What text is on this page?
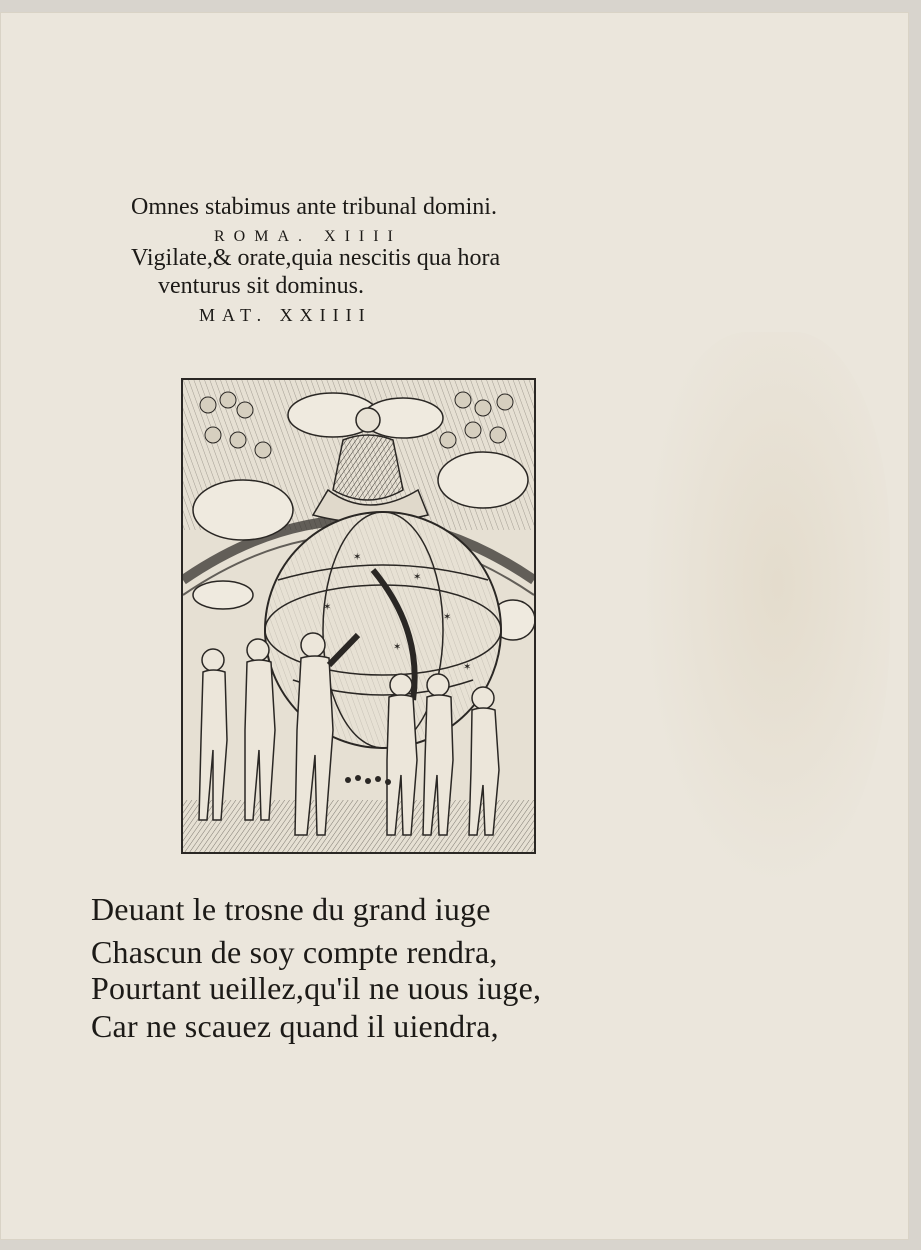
Omnes stabimus ante tribunal domini.
ROMA. XIIII
Vigilate,& orate,quia nescitis qua hora
venturus sit dominus.
MAT. XXIIII
✶
✶
✶
✶
✶
✶
Deuant le trosne du grand iuge
Chascun de soy compte rendra,
Pourtant ueillez,qu'il ne uous iuge,
Car ne scauez quand il uiendra,
